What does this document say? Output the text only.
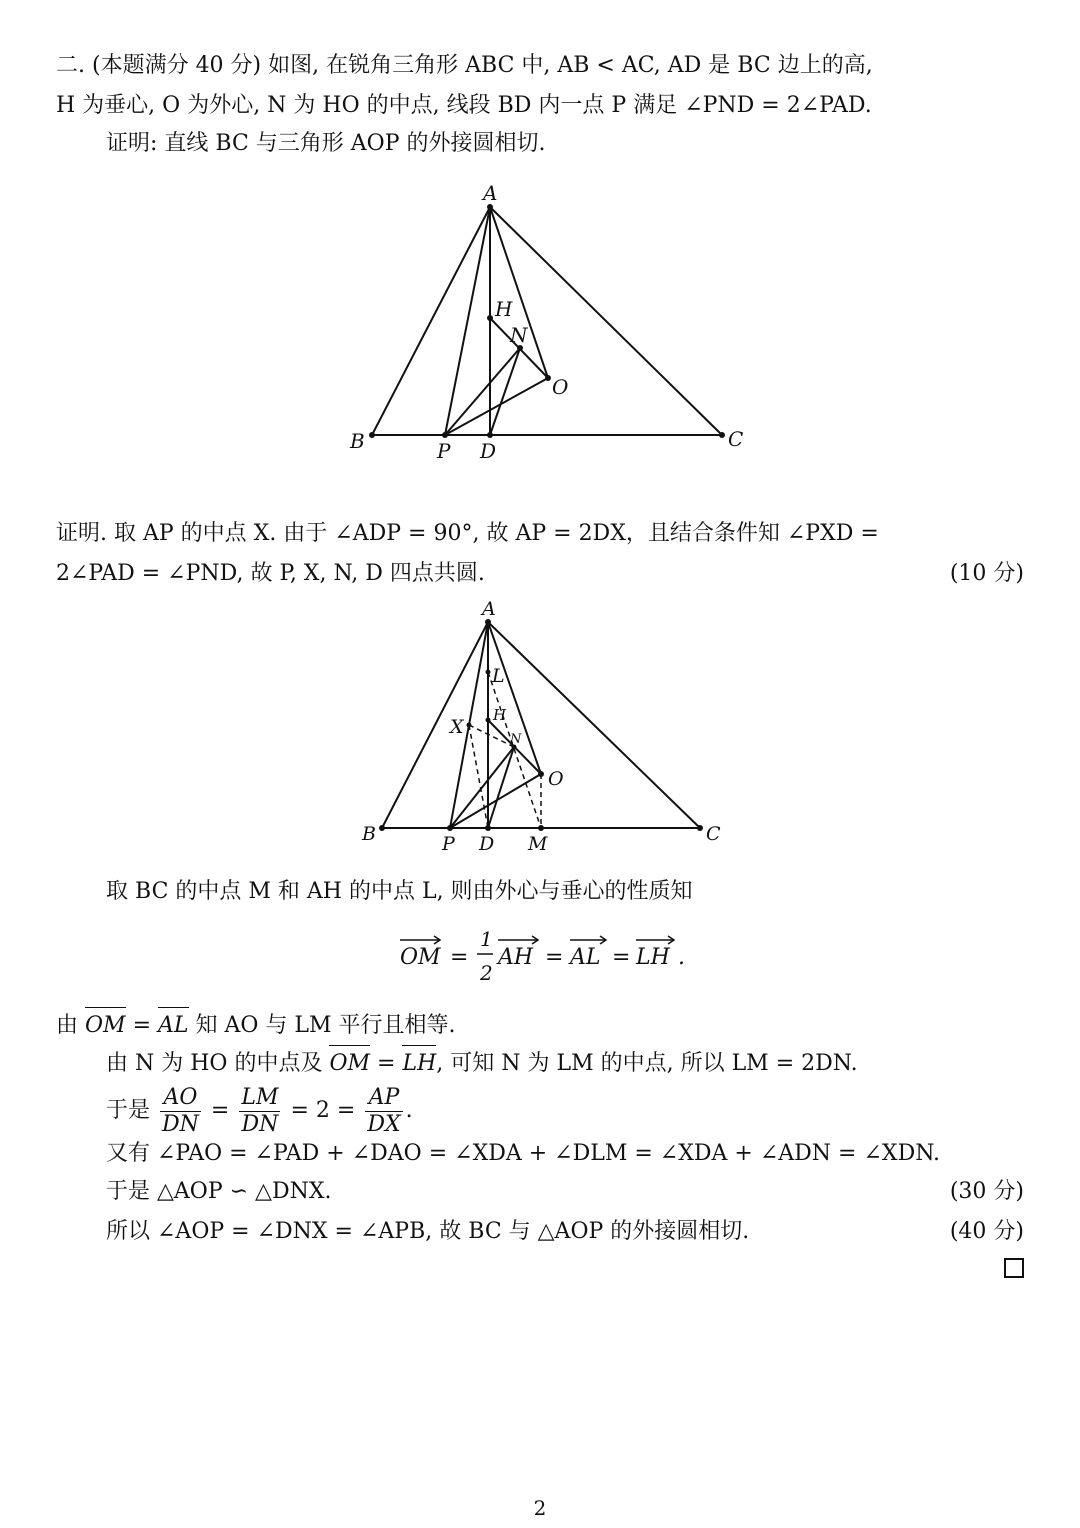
二. (本题满分 40 分) 如图, 在锐角三角形 ABC 中, AB < AC, AD 是 BC 边上的高,
H 为垂心, O 为外心, N 为 HO 的中点, 线段 BD 内一点 P 满足 ∠PND = 2∠PAD.
证明: 直线 BC 与三角形 AOP 的外接圆相切.
A
H
N
O
B	P D	C
证明. 取 AP 的中点 X. 由于 ∠ADP = 90°, 故 AP = 2DX，且结合条件知 ∠PXD =
2∠PAD = ∠PND, 故 P, X, N, D 四点共圆.	(10 分)
A
L
X
H
N
O
B	P D M	C
取 BC 的中点 M 和 AH 的中点 L, 则由外心与垂心的性质知
OM =
1
2
AH = AL = LH .
由 OM =
AL 知 AO 与 LM 平行且相等.
由 N 为 HO 的中点及 OM =
LH, 可知 N 为 LM 的中点, 所以 LM = 2DN.
于是 $\frac{AO}{DN} = \frac{LM}{DN} = 2 = \frac{AP}{DX}$ .
又有 ∠PAO = ∠PAD + ∠DAO = ∠XDA + ∠DLM = ∠XDA + ∠ADN = ∠XDN.
于是 △AOP ∽ △DNX.	(30 分)
所以 ∠AOP = ∠DNX = ∠APB, 故 BC 与 △AOP 的外接圆相切.	(40 分)
2
